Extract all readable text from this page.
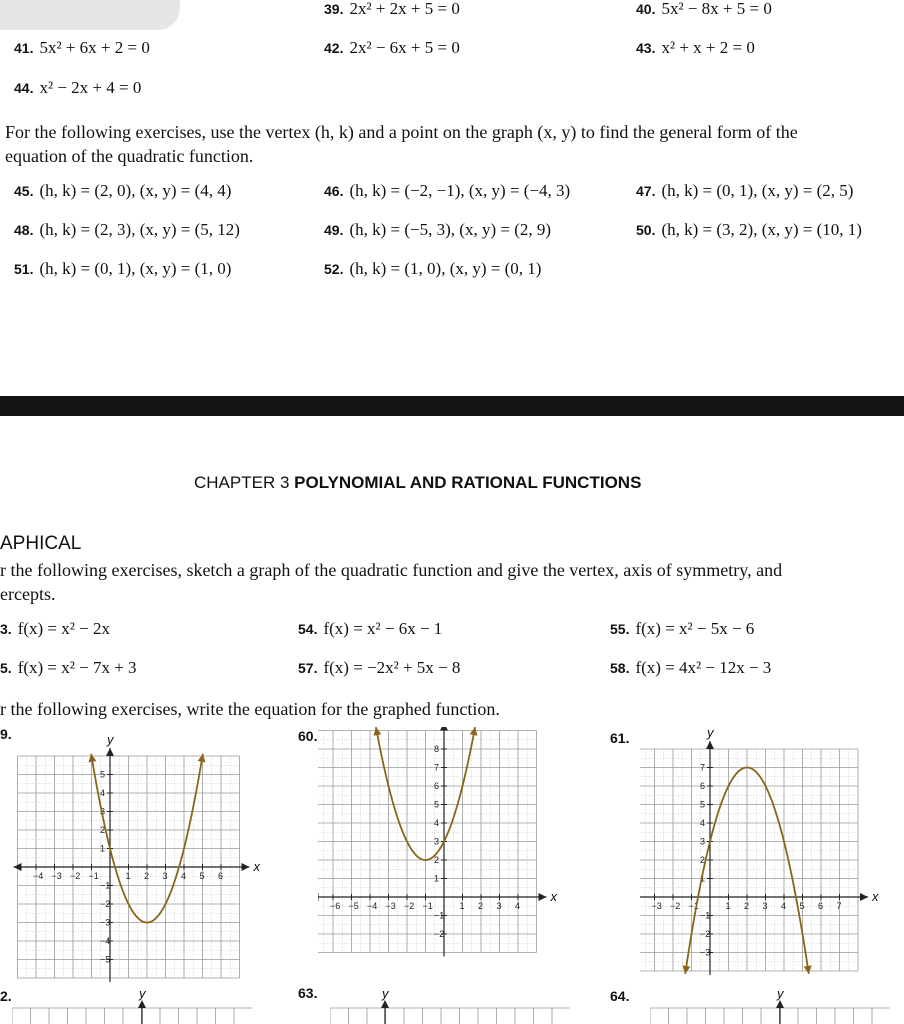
39. 2x² + 2x + 5 = 0	40. 5x² − 8x + 5 = 0
41. 5x² + 6x + 2 = 0	42. 2x² − 6x + 5 = 0	43. x² + x + 2 = 0
44. x² − 2x + 4 = 0
For the following exercises, use the vertex (h, k) and a point on the graph (x, y) to find the general form of the
equation of the quadratic function.
45. (h, k) = (2, 0), (x, y) = (4, 4)	46. (h, k) = (−2, −1), (x, y) = (−4, 3)	47. (h, k) = (0, 1), (x, y) = (2, 5)
48. (h, k) = (2, 3), (x, y) = (5, 12)	49. (h, k) = (−5, 3), (x, y) = (2, 9)	50. (h, k) = (3, 2), (x, y) = (10, 1)
51. (h, k) = (0, 1), (x, y) = (1, 0)	52. (h, k) = (1, 0), (x, y) = (0, 1)
CHAPTER 3 POLYNOMIAL AND RATIONAL FUNCTIONS
APHICAL
r the following exercises, sketch a graph of the quadratic function and give the vertex, axis of symmetry, and
ercepts.
3. f(x) = x² − 2x	54. f(x) = x² − 6x − 1	55. f(x) = x² − 5x − 6
5. f(x) = x² − 7x + 3	57. f(x) = −2x² + 5x − 8	58. f(x) = 4x² − 12x − 3
r the following exercises, write the equation for the graphed function.
9.	60.	61.
2.	63.	64.
x
y
−4 −3 −2 −1	1 2 3 4 5 6
5
4
3
2
1
−1
−2
−3
−4
−5
x
−6 −5 −4 −3 −2 −1	1 2 3 4
8
7
6
5
4
3
2
1
−1
−2
x
y
−3 −2 −1	1 2 3 4 5 6 7
7
6
5
4
3
2
1
−1
−2
−3
y	y	y
